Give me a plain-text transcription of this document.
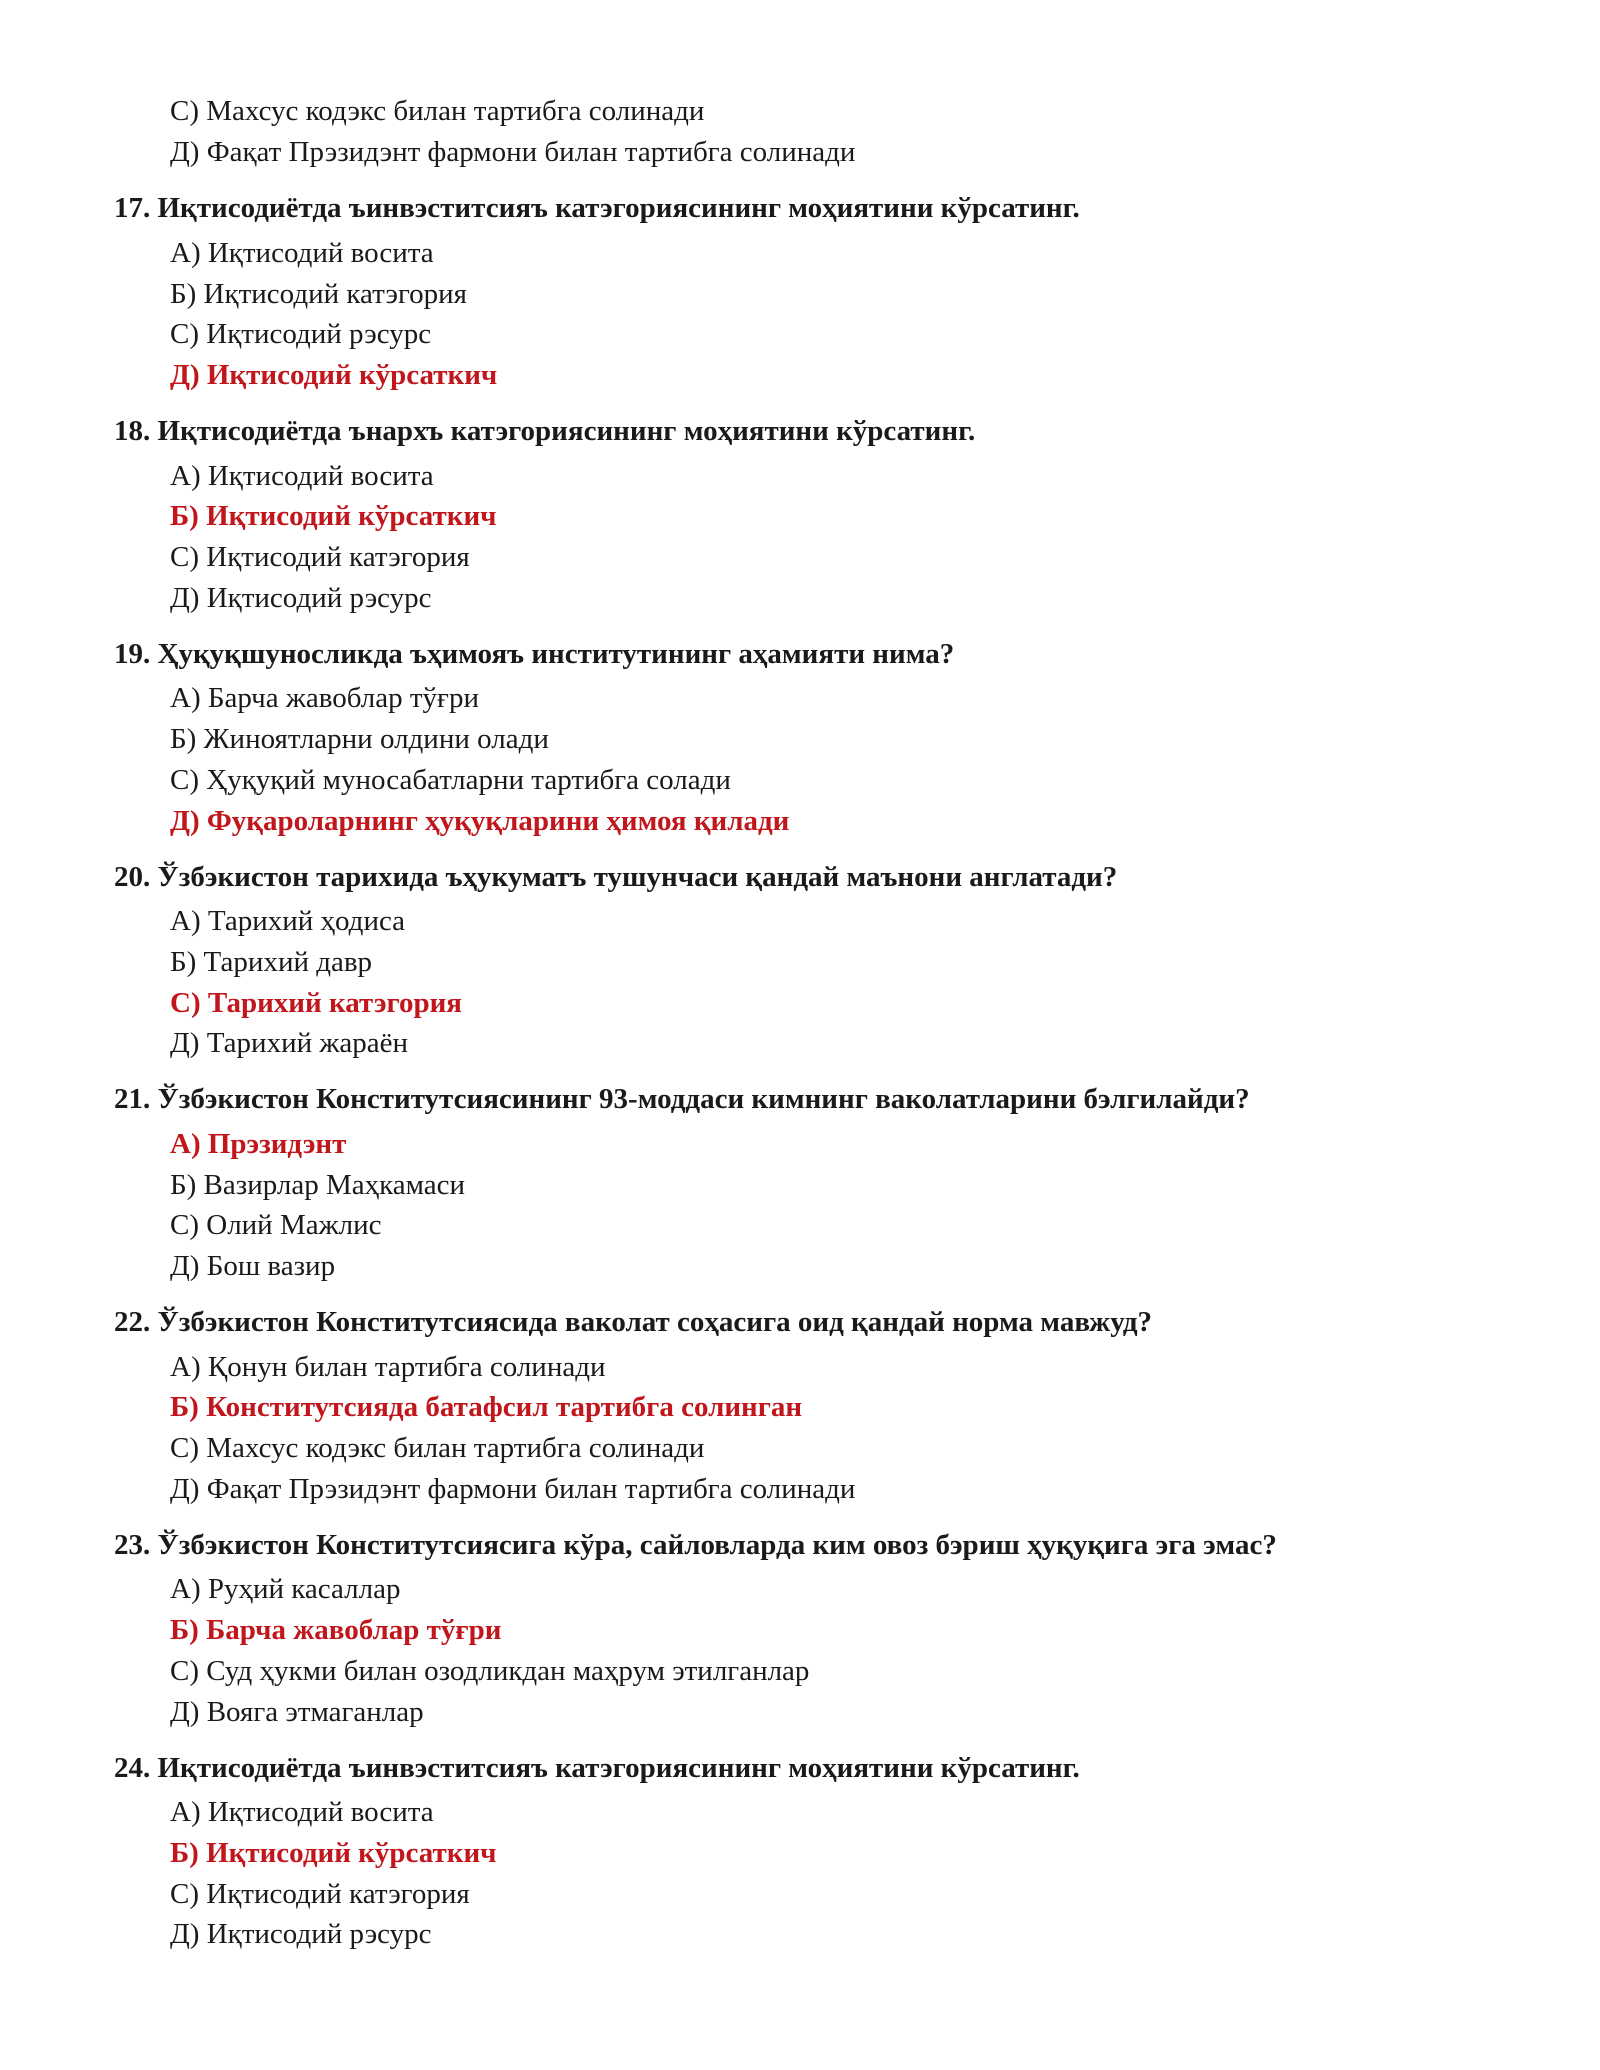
С) Махсус кодэкс билан тартибга солинади
Д) Фақат Прэзидэнт фармони билан тартибга солинади
17. Иқтисодиётда ъинвэститсияъ катэгориясининг моҳиятини кўрсатинг.
А) Иқтисодий восита
Б) Иқтисодий катэгория
С) Иқтисодий рэсурс
Д) Иқтисодий кўрсаткич
18. Иқтисодиётда ънархъ катэгориясининг моҳиятини кўрсатинг.
А) Иқтисодий восита
Б) Иқтисодий кўрсаткич
С) Иқтисодий катэгория
Д) Иқтисодий рэсурс
19. Ҳуқуқшуносликда ъҳимояъ институтининг аҳамияти нима?
А) Барча жавоблар тўғри
Б) Жиноятларни олдини олади
С) Ҳуқуқий муносабатларни тартибга солади
Д) Фуқароларнинг ҳуқуқларини ҳимоя қилади
20. Ўзбэкистон тарихида ъҳукуматъ тушунчаси қандай маънони англатади?
А) Тарихий ҳодиса
Б) Тарихий давр
С) Тарихий катэгория
Д) Тарихий жараён
21. Ўзбэкистон Конститутсиясининг 93-моддаси кимнинг ваколатларини бэлгилайди?
А) Прэзидэнт
Б) Вазирлар Маҳкамаси
С) Олий Мажлис
Д) Бош вазир
22. Ўзбэкистон Конститутсиясида ваколат соҳасига оид қандай норма мавжуд?
А) Қонун билан тартибга солинади
Б) Конститутсияда батафсил тартибга солинган
С) Махсус кодэкс билан тартибга солинади
Д) Фақат Прэзидэнт фармони билан тартибга солинади
23. Ўзбэкистон Конститутсиясига кўра, сайловларда ким овоз бэриш ҳуқуқига эга эмас?
А) Руҳий касаллар
Б) Барча жавоблар тўғри
С) Суд ҳукми билан озодликдан маҳрум этилганлар
Д) Вояга этмаганлар
24. Иқтисодиётда ъинвэститсияъ катэгориясининг моҳиятини кўрсатинг.
А) Иқтисодий восита
Б) Иқтисодий кўрсаткич
С) Иқтисодий катэгория
Д) Иқтисодий рэсурс
